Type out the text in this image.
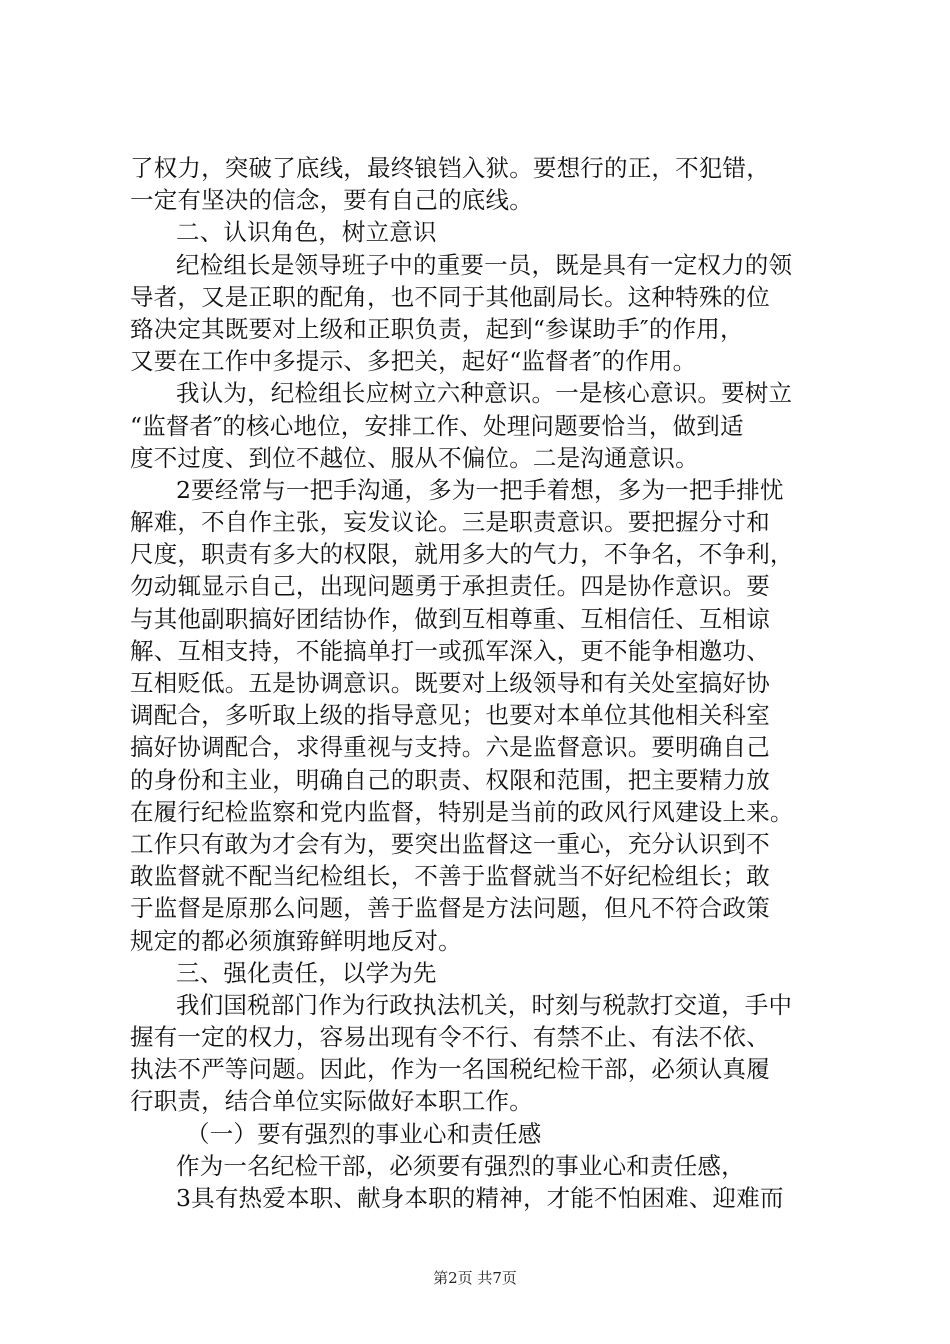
了权力，突破了底线，最终锒铛入狱。要想行的正，不犯错，
一定有坚决的信念，要有自己的底线。
二、认识角色，树立意识
纪检组长是领导班子中的重要一员，既是具有一定权力的领
导者，又是正职的配角，也不同于其他副局长。这种特殊的位
臵决定其既要对上级和正职负责，起到“参谋助手″的作用，
又要在工作中多提示、多把关，起好“监督者″的作用。
我认为，纪检组长应树立六种意识。一是核心意识。要树立
“监督者″的核心地位，安排工作、处理问题要恰当，做到适
度不过度、到位不越位、服从不偏位。二是沟通意识。
2要经常与一把手沟通，多为一把手着想，多为一把手排忧
解难，不自作主张，妄发议论。三是职责意识。要把握分寸和
尺度，职责有多大的权限，就用多大的气力，不争名，不争利，
勿动辄显示自己，出现问题勇于承担责任。四是协作意识。要
与其他副职搞好团结协作，做到互相尊重、互相信任、互相谅
解、互相支持，不能搞单打一或孤军深入，更不能争相邀功、
互相贬低。五是协调意识。既要对上级领导和有关处室搞好协
调配合，多听取上级的指导意见；也要对本单位其他相关科室
搞好协调配合，求得重视与支持。六是监督意识。要明确自己
的身份和主业，明确自己的职责、权限和范围，把主要精力放
在履行纪检监察和党内监督，特别是当前的政风行风建设上来。
工作只有敢为才会有为，要突出监督这一重心，充分认识到不
敢监督就不配当纪检组长，不善于监督就当不好纪检组长；敢
于监督是原那么问题，善于监督是方法问题，但凡不符合政策
规定的都必须旗臶鲜明地反对。
三、强化责任，以学为先
我们国税部门作为行政执法机关，时刻与税款打交道，手中
握有一定的权力，容易出现有令不行、有禁不止、有法不依、
执法不严等问题。因此，作为一名国税纪检干部，必须认真履
行职责，结合单位实际做好本职工作。
（一）要有强烈的事业心和责任感
作为一名纪检干部，必须要有强烈的事业心和责任感，
3具有热爱本职、献身本职的精神，才能不怕困难、迎难而
第2页 共7页
